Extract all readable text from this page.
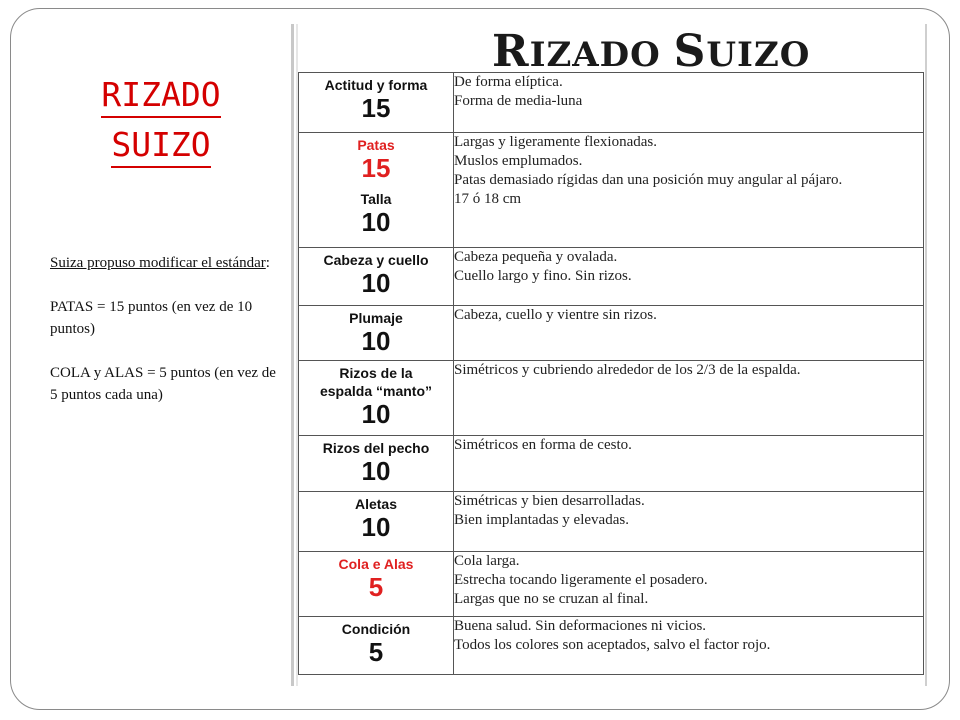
RIZADO
SUIZO

Suiza propuso modificar el estándar:

PATAS = 15 puntos (en vez de 10 puntos)

COLA y ALAS = 5 puntos (en vez de 5 puntos cada una)

RIZADO SUIZO
Actitud y forma
15	De forma elíptica.
Forma de media-luna

Patas
15
Talla
10	Largas y ligeramente flexionadas.
Muslos emplumados.
Patas demasiado rígidas dan una posición muy angular al pájaro.
17 ó 18 cm

Cabeza y cuello
10	Cabeza pequeña y ovalada.
Cuello largo y fino. Sin rizos.

Plumaje
10	Cabeza, cuello y vientre sin rizos.

Rizos de la
espalda “manto”
10	Simétricos y cubriendo alrededor de los 2/3 de la espalda.

Rizos del pecho
10	Simétricos en forma de cesto.

Aletas
10	Simétricas y bien desarrolladas.
Bien implantadas y elevadas.

Cola e Alas
5	Cola larga.
Estrecha tocando ligeramente el posadero.
Largas que no se cruzan al final.

Condición
5	Buena salud. Sin deformaciones ni vicios.
Todos los colores son aceptados, salvo el factor rojo.
